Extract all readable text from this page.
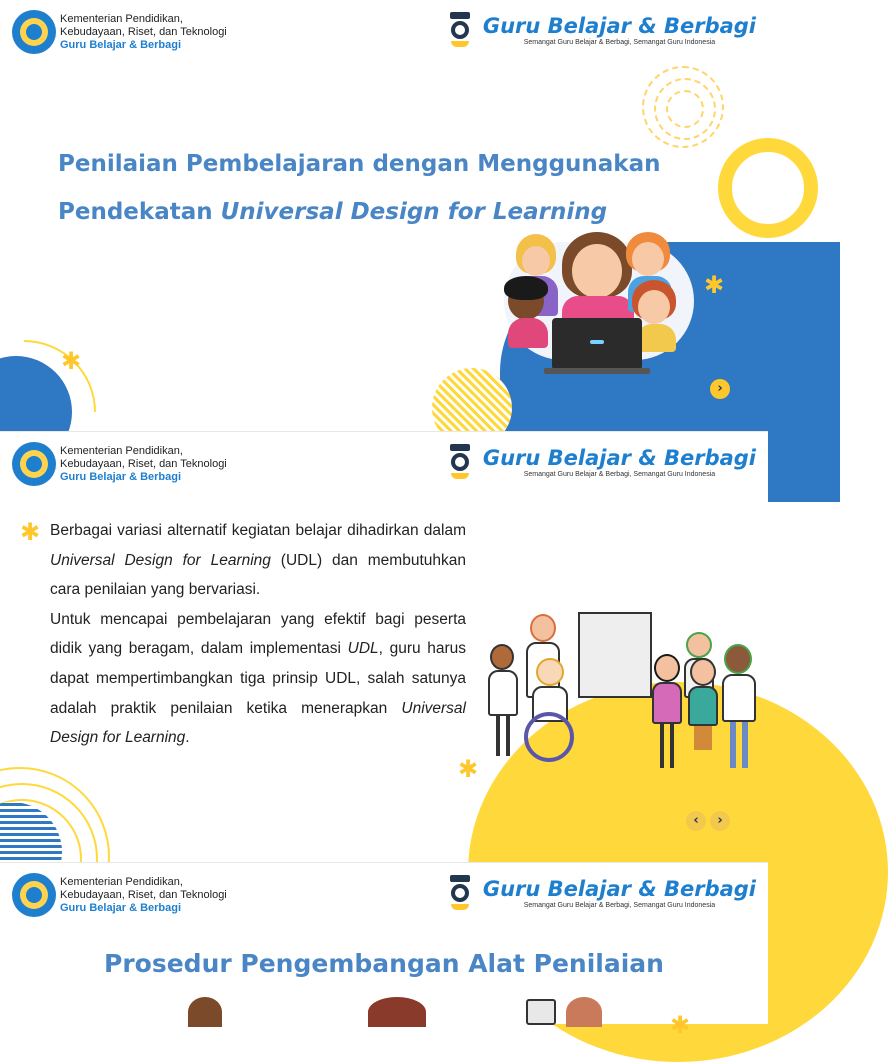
Kementerian Pendidikan,
Kebudayaan, Riset, dan Teknologi
Guru Belajar & Berbagi
Guru Belajar & Berbagi
Semangat Guru Belajar & Berbagi, Semangat Guru Indonesia
✱
✱
Penilaian Pembelajaran dengan Menggunakan
Pendekatan Universal Design for Learning
›
Kementerian Pendidikan,
Kebudayaan, Riset, dan Teknologi
Guru Belajar & Berbagi
Guru Belajar & Berbagi
Semangat Guru Belajar & Berbagi, Semangat Guru Indonesia
✱
✱

Berbagai variasi alternatif kegiatan belajar dihadirkan dalam Universal Design for Learning (UDL) dan membutuhkan cara penilaian yang bervariasi.

Untuk mencapai pembelajaran yang efektif bagi peserta didik yang beragam, dalam implementasi UDL, guru harus dapat mempertimbangkan tiga prinsip UDL, salah satunya adalah praktik penilaian ketika menerapkan Universal Design for Learning.

‹	›
Kementerian Pendidikan,
Kebudayaan, Riset, dan Teknologi
Guru Belajar & Berbagi
Guru Belajar & Berbagi
Semangat Guru Belajar & Berbagi, Semangat Guru Indonesia
Prosedur Pengembangan Alat Penilaian
✱
